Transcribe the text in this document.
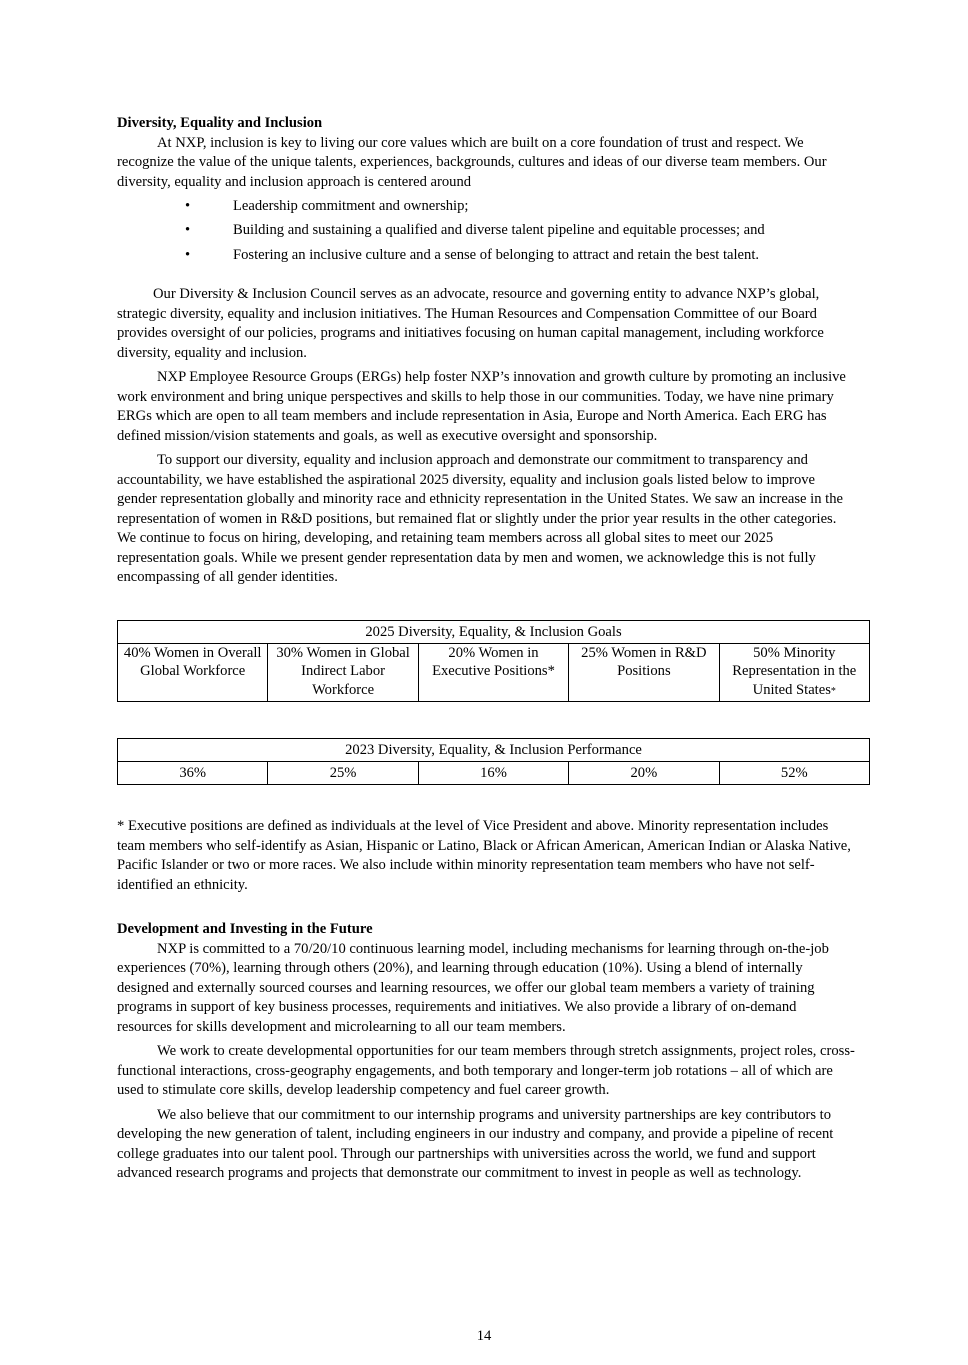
Diversity, Equality and Inclusion

At NXP, inclusion is key to living our core values which are built on a core foundation of trust and respect. We recognize the value of the unique talents, experiences, backgrounds, cultures and ideas of our diverse team members. Our diversity, equality and inclusion approach is centered around

•	Leadership commitment and ownership;
•	Building and sustaining a qualified and diverse talent pipeline and equitable processes; and
•	Fostering an inclusive culture and a sense of belonging to attract and retain the best talent.

Our Diversity & Inclusion Council serves as an advocate, resource and governing entity to advance NXP’s global, strategic diversity, equality and inclusion initiatives. The Human Resources and Compensation Committee of our Board provides oversight of our policies, programs and initiatives focusing on human capital management, including workforce diversity, equality and inclusion.

NXP Employee Resource Groups (ERGs) help foster NXP’s innovation and growth culture by promoting an inclusive work environment and bring unique perspectives and skills to help those in our communities. Today, we have nine primary ERGs which are open to all team members and include representation in Asia, Europe and North America. Each ERG has defined mission/vision statements and goals, as well as executive oversight and sponsorship.

To support our diversity, equality and inclusion approach and demonstrate our commitment to transparency and accountability, we have established the aspirational 2025 diversity, equality and inclusion goals listed below to improve gender representation globally and minority race and ethnicity representation in the United States. We saw an increase in the representation of women in R&D positions, but remained flat or slightly under the prior year results in the other categories. We continue to focus on hiring, developing, and retaining team members across all global sites to meet our 2025 representation goals. While we present gender representation data by men and women, we acknowledge this is not fully encompassing of all gender identities.

2025 Diversity, Equality, & Inclusion Goals
40% Women in Overall Global Workforce	30% Women in Global Indirect Labor Workforce	20% Women in Executive Positions*	25% Women in R&D Positions	50% Minority Representation in the United States*
2023 Diversity, Equality, & Inclusion Performance
36%	25%	16%	20%	52%

* Executive positions are defined as individuals at the level of Vice President and above. Minority representation includes team members who self-identify as Asian, Hispanic or Latino, Black or African American, American Indian or Alaska Native, Pacific Islander or two or more races. We also include within minority representation team members who have not self-identified an ethnicity.

Development and Investing in the Future

NXP is committed to a 70/20/10 continuous learning model, including mechanisms for learning through on-the-job experiences (70%), learning through others (20%), and learning through education (10%). Using a blend of internally designed and externally sourced courses and learning resources, we offer our global team members a variety of training programs in support of key business processes, requirements and initiatives. We also provide a library of on-demand resources for skills development and microlearning to all our team members.

We work to create developmental opportunities for our team members through stretch assignments, project roles, cross-functional interactions, cross-geography engagements, and both temporary and longer-term job rotations – all of which are used to stimulate core skills, develop leadership competency and fuel career growth.

We also believe that our commitment to our internship programs and university partnerships are key contributors to developing the new generation of talent, including engineers in our industry and company, and provide a pipeline of recent college graduates into our talent pool. Through our partnerships with universities across the world, we fund and support advanced research programs and projects that demonstrate our commitment to invest in people as well as technology.

14
